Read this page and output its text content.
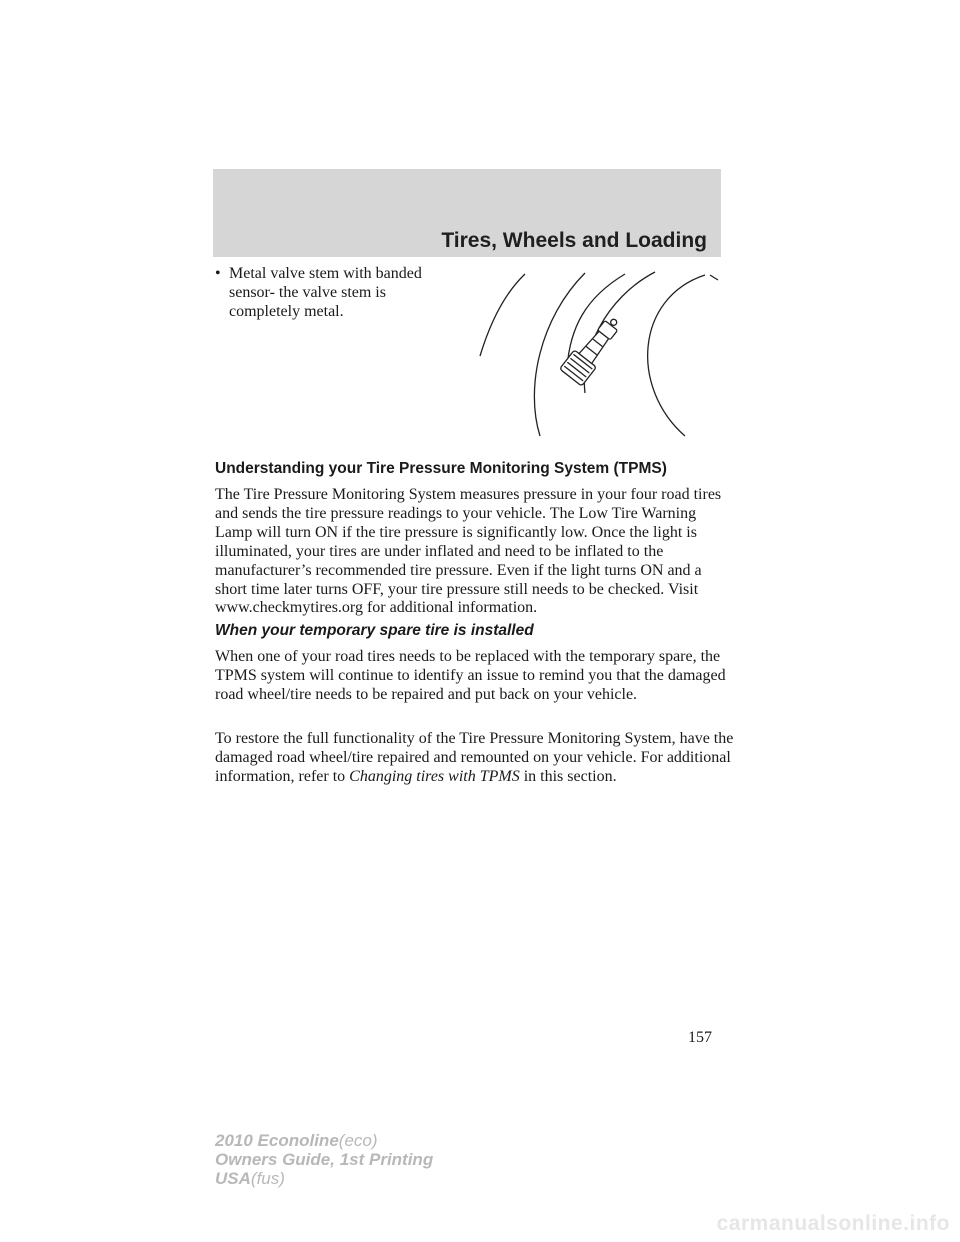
Tires, Wheels and Loading
• Metal valve stem with banded sensor- the valve stem is completely metal.
Understanding your Tire Pressure Monitoring System (TPMS)

The Tire Pressure Monitoring System measures pressure in your four road tires and sends the tire pressure readings to your vehicle. The Low Tire Warning Lamp will turn ON if the tire pressure is significantly low. Once the light is illuminated, your tires are under inflated and need to be inflated to the manufacturer’s recommended tire pressure. Even if the light turns ON and a short time later turns OFF, your tire pressure still needs to be checked. Visit www.checkmytires.org for additional information.

When your temporary spare tire is installed

When one of your road tires needs to be replaced with the temporary spare, the TPMS system will continue to identify an issue to remind you that the damaged road wheel/tire needs to be repaired and put back on your vehicle.

To restore the full functionality of the Tire Pressure Monitoring System, have the damaged road wheel/tire repaired and remounted on your vehicle. For additional information, refer to Changing tires with TPMS in this section.

157
2010 Econoline(eco)
Owners Guide, 1st Printing
USA(fus)
carmanualsonline.info
